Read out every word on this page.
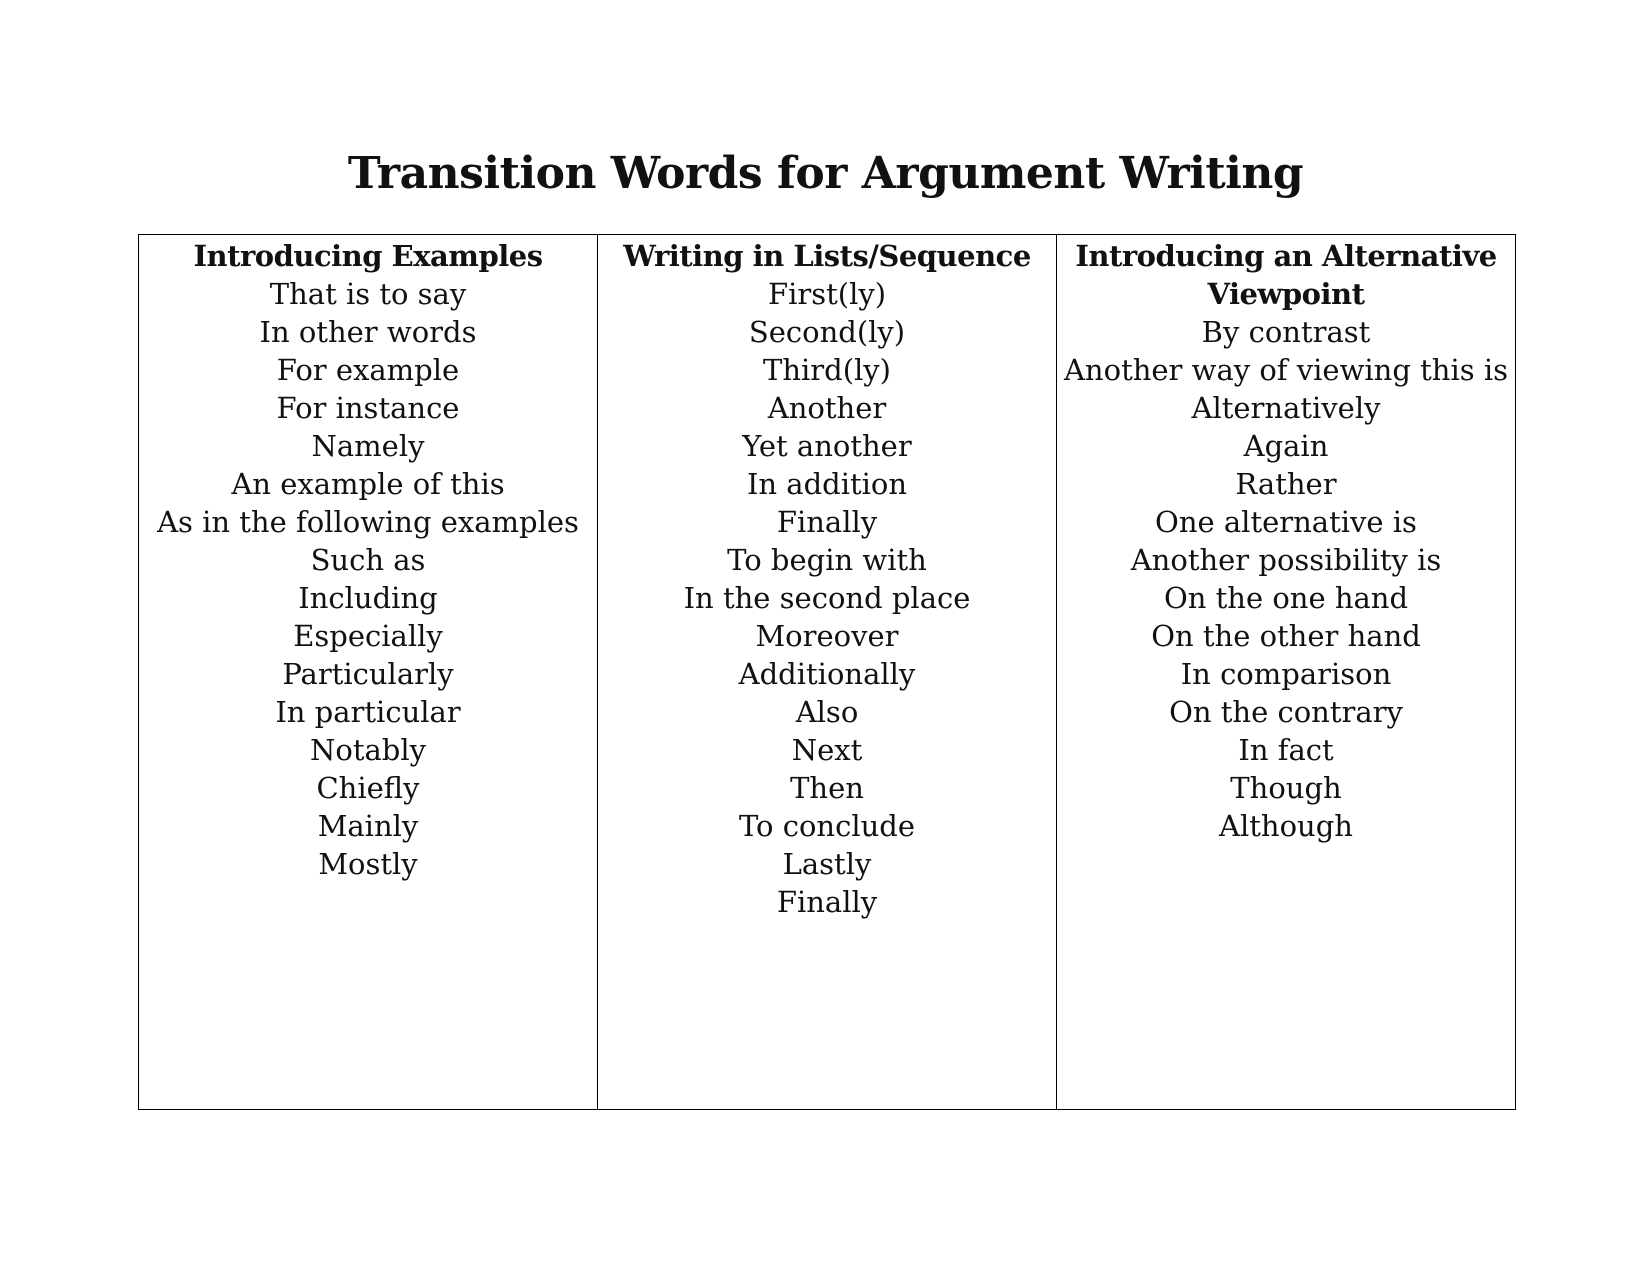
Transition Words for Argument Writing
Introducing Examples
That is to say
In other words
For example
For instance
Namely
An example of this
As in the following examples
Such as
Including
Especially
Particularly
In particular
Notably
Chiefly
Mainly
Mostly
Writing in Lists/Sequence
First(ly)
Second(ly)
Third(ly)
Another
Yet another
In addition
Finally
To begin with
In the second place
Moreover
Additionally
Also
Next
Then
To conclude
Lastly
Finally
Introducing an Alternative Viewpoint
By contrast
Another way of viewing this is
Alternatively
Again
Rather
One alternative is
Another possibility is
On the one hand
On the other hand
In comparison
On the contrary
In fact
Though
Although
